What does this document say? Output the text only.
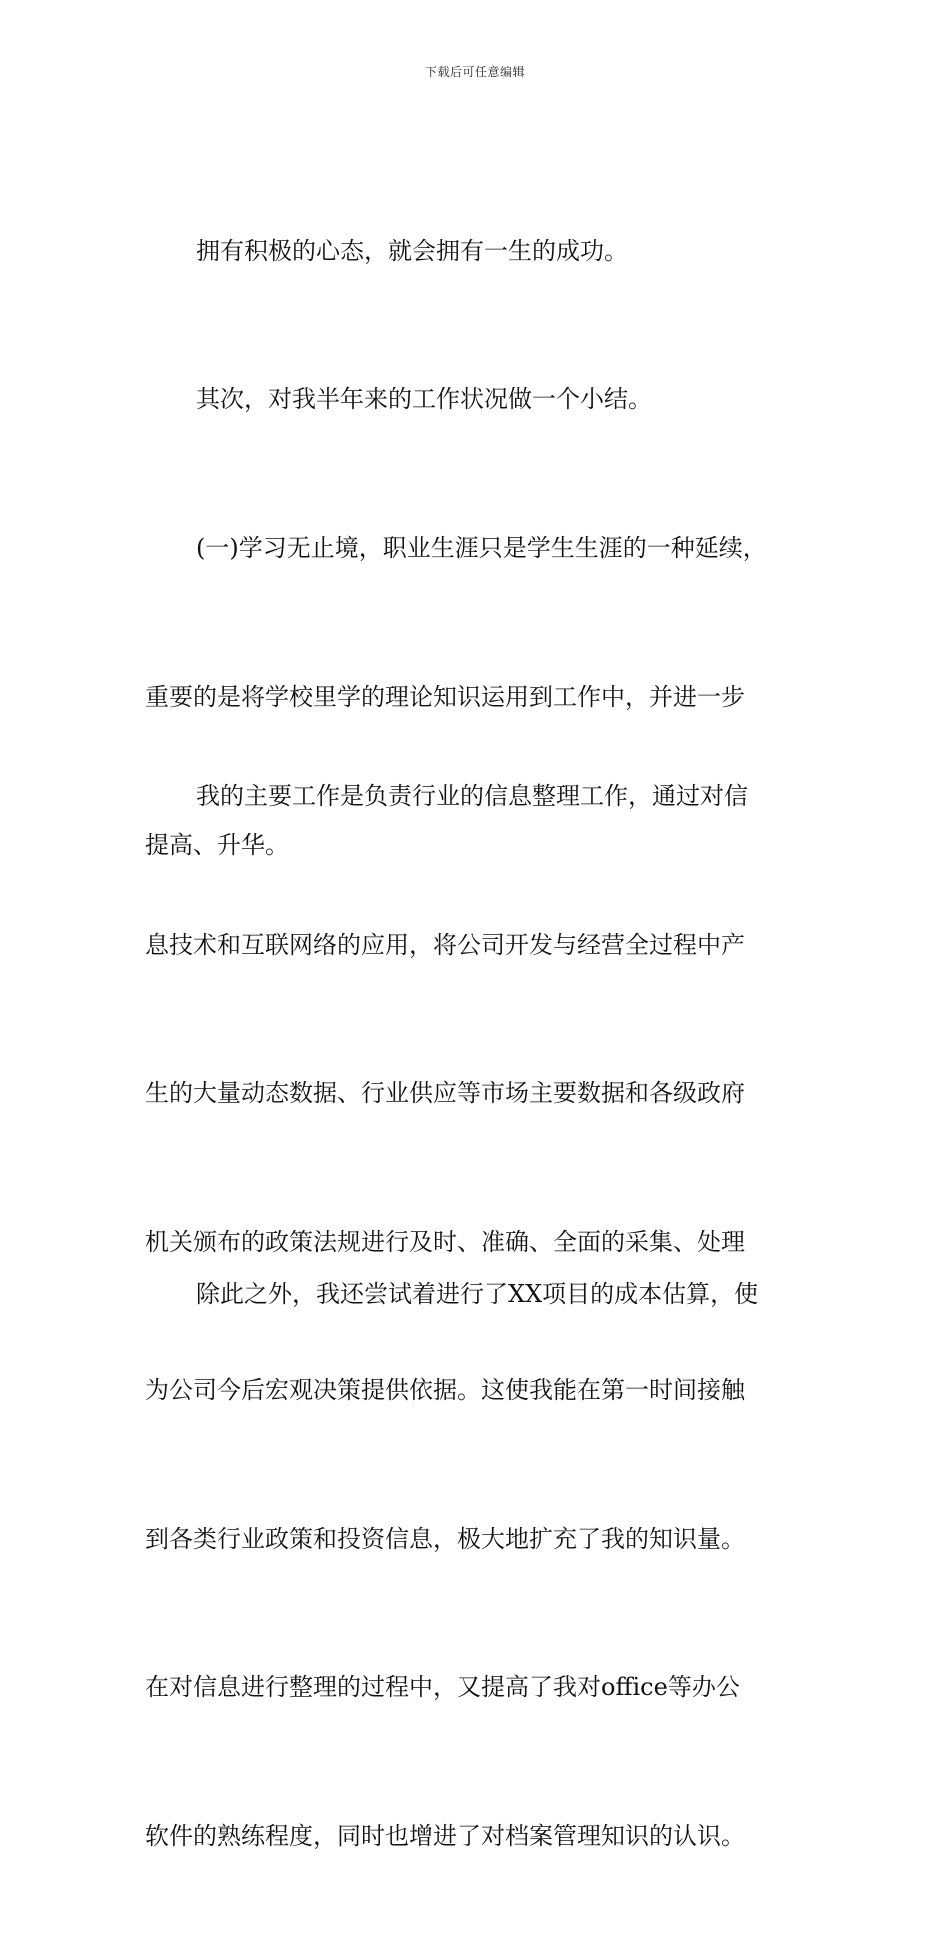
下载后可任意编辑

拥有积极的心态，就会拥有一生的成功。

其次，对我半年来的工作状况做一个小结。

(一)学习无止境，职业生涯只是学生生涯的一种延续，

重要的是将学校里学的理论知识运用到工作中，并进一步

提高、升华。

我的主要工作是负责行业的信息整理工作，通过对信

息技术和互联网络的应用，将公司开发与经营全过程中产

生的大量动态数据、行业供应等市场主要数据和各级政府

机关颁布的政策法规进行及时、准确、全面的采集、处理

为公司今后宏观决策提供依据。这使我能在第一时间接触

到各类行业政策和投资信息，极大地扩充了我的知识量。

在对信息进行整理的过程中，又提高了我对office等办公

软件的熟练程度，同时也增进了对档案管理知识的认识。

除此之外，我还尝试着进行了XX项目的成本估算，使
